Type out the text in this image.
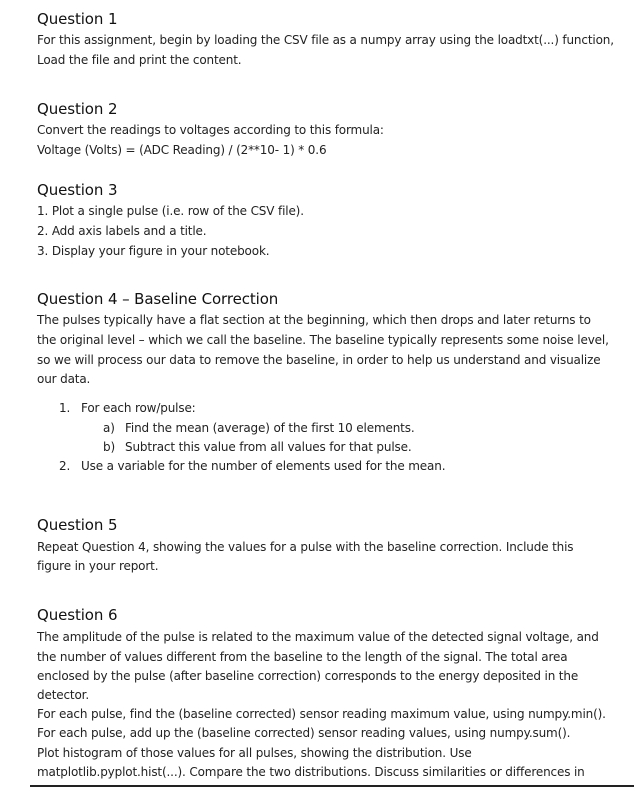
Question 1
For this assignment, begin by loading the CSV file as a numpy array using the loadtxt(...) function,
Load the file and print the content.
Question 2
Convert the readings to voltages according to this formula:
Voltage (Volts) = (ADC Reading) / (2**10- 1) * 0.6
Question 3
1. Plot a single pulse (i.e. row of the CSV file).
2. Add axis labels and a title.
3. Display your figure in your notebook.
Question 4 – Baseline Correction
The pulses typically have a flat section at the beginning, which then drops and later returns to
the original level – which we call the baseline. The baseline typically represents some noise level,
so we will process our data to remove the baseline, in order to help us understand and visualize
our data.
1. For each row/pulse:
a) Find the mean (average) of the first 10 elements.
b) Subtract this value from all values for that pulse.
2. Use a variable for the number of elements used for the mean.
Question 5
Repeat Question 4, showing the values for a pulse with the baseline correction. Include this
figure in your report.
Question 6
The amplitude of the pulse is related to the maximum value of the detected signal voltage, and
the number of values different from the baseline to the length of the signal. The total area
enclosed by the pulse (after baseline correction) corresponds to the energy deposited in the
detector.
For each pulse, find the (baseline corrected) sensor reading maximum value, using numpy.min().
For each pulse, add up the (baseline corrected) sensor reading values, using numpy.sum().
Plot histogram of those values for all pulses, showing the distribution. Use
matplotlib.pyplot.hist(...). Compare the two distributions. Discuss similarities or differences in
